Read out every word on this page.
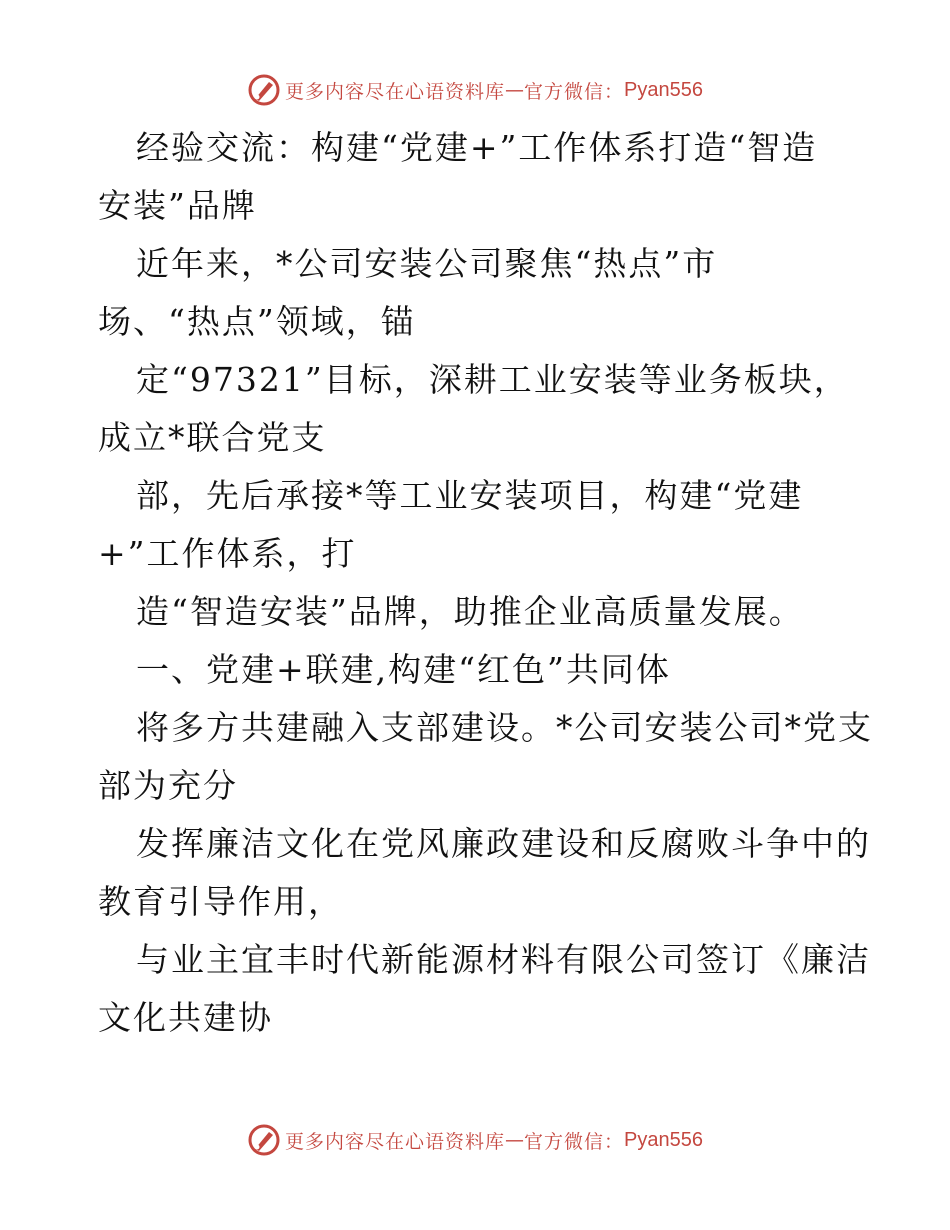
更多内容尽在心语资料库 — 官方微信： Pyan556
经验交流：构建“党建+”工作体系打造“智造
安装”品牌
近年来，*公司安装公司聚焦“热点”市
场、“热点”领域，锚
定“97321”目标，深耕工业安装等业务板块，
成立*联合党支
部，先后承接*等工业安装项目，构建“党建
+”工作体系，打
造“智造安装”品牌，助推企业高质量发展。
一、党建+联建,构建“红色”共同体
将多方共建融入支部建设。*公司安装公司*党支
部为充分
发挥廉洁文化在党风廉政建设和反腐败斗争中的
教育引导作用，
与业主宜丰时代新能源材料有限公司签订《廉洁
文化共建协
更多内容尽在心语资料库 — 官方微信： Pyan556
